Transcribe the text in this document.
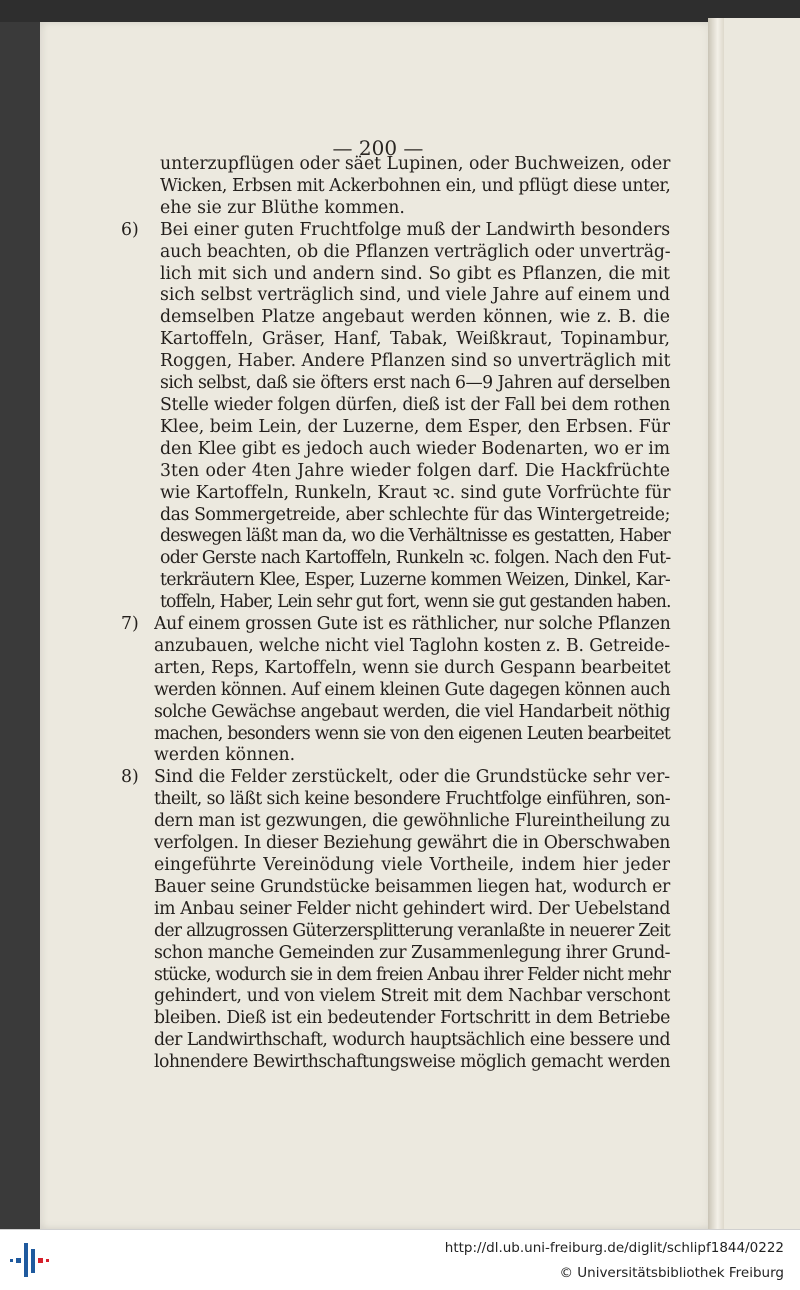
— 200 —

unterzupflügen oder säet Lupinen, oder Buchweizen, oder
Wicken, Erbsen mit Ackerbohnen ein, und pflügt diese unter,
ehe sie zur Blüthe kommen.

6) Bei einer guten Fruchtfolge muß der Landwirth besonders
auch beachten, ob die Pflanzen verträglich oder unverträg-
lich mit sich und andern sind. So gibt es Pflanzen, die mit
sich selbst verträglich sind, und viele Jahre auf einem und
demselben Platze angebaut werden können, wie z. B. die
Kartoffeln, Gräser, Hanf, Tabak, Weißkraut, Topinambur,
Roggen, Haber. Andere Pflanzen sind so unverträglich mit
sich selbst, daß sie öfters erst nach 6—9 Jahren auf derselben
Stelle wieder folgen dürfen, dieß ist der Fall bei dem rothen
Klee, beim Lein, der Luzerne, dem Esper, den Erbsen. Für
den Klee gibt es jedoch auch wieder Bodenarten, wo er im
3ten oder 4ten Jahre wieder folgen darf. Die Hackfrüchte
wie Kartoffeln, Runkeln, Kraut ꝛc. sind gute Vorfrüchte für
das Sommergetreide, aber schlechte für das Wintergetreide;
deswegen läßt man da, wo die Verhältnisse es gestatten, Haber
oder Gerste nach Kartoffeln, Runkeln ꝛc. folgen. Nach den Fut-
terkräutern Klee, Esper, Luzerne kommen Weizen, Dinkel, Kar-
toffeln, Haber, Lein sehr gut fort, wenn sie gut gestanden haben.

7) Auf einem grossen Gute ist es räthlicher, nur solche Pflanzen
anzubauen, welche nicht viel Taglohn kosten z. B. Getreide-
arten, Reps, Kartoffeln, wenn sie durch Gespann bearbeitet
werden können. Auf einem kleinen Gute dagegen können auch
solche Gewächse angebaut werden, die viel Handarbeit nöthig
machen, besonders wenn sie von den eigenen Leuten bearbeitet
werden können.

8) Sind die Felder zerstückelt, oder die Grundstücke sehr ver-
theilt, so läßt sich keine besondere Fruchtfolge einführen, son-
dern man ist gezwungen, die gewöhnliche Flureintheilung zu
verfolgen. In dieser Beziehung gewährt die in Oberschwaben
eingeführte Vereinödung viele Vortheile, indem hier jeder
Bauer seine Grundstücke beisammen liegen hat, wodurch er
im Anbau seiner Felder nicht gehindert wird. Der Uebelstand
der allzugrossen Güterzersplitterung veranlaßte in neuerer Zeit
schon manche Gemeinden zur Zusammenlegung ihrer Grund-
stücke, wodurch sie in dem freien Anbau ihrer Felder nicht mehr
gehindert, und von vielem Streit mit dem Nachbar verschont
bleiben. Dieß ist ein bedeutender Fortschritt in dem Betriebe
der Landwirthschaft, wodurch hauptsächlich eine bessere und
lohnendere Bewirthschaftungsweise möglich gemacht werden

http://dl.ub.uni-freiburg.de/diglit/schlipf1844/0222
© Universitätsbibliothek Freiburg
